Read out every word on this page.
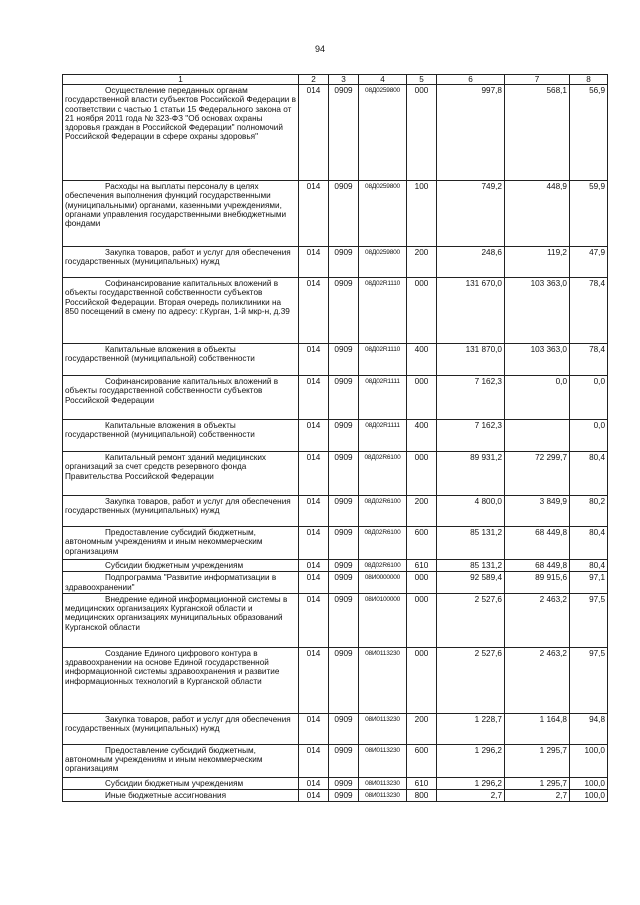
94
1	2	3	4	5	6	7	8
Осуществление переданных органам государственной власти субъектов Российской Федерации в соответствии с частью 1 статьи 15 Федерального закона от 21 ноября 2011 года № 323-ФЗ "Об основах охраны здоровья граждан в Российской Федерации" полномочий Российской Федерации в сфере охраны здоровья"	014	0909	08Д0259800	000	997,8	568,1	56,9
Расходы на выплаты персоналу в целях обеспечения выполнения функций государственными (муниципальными) органами, казенными учреждениями, органами управления государственными внебюджетными фондами	014	0909	08Д0259800	100	749,2	448,9	59,9
Закупка товаров, работ и услуг для обеспечения государственных (муниципальных) нужд	014	0909	08Д0259800	200	248,6	119,2	47,9
Софинансирование капитальных вложений в объекты государственной собственности субъектов Российской Федерации. Вторая очередь поликлиники на 850 посещений в смену по адресу: г.Курган, 1-й мкр-н, д.39	014	0909	08Д02R1110	000	131 670,0	103 363,0	78,4
Капитальные вложения в объекты государственной (муниципальной) собственности	014	0909	08Д02R1110	400	131 870,0	103 363,0	78,4
Софинансирование капитальных вложений в объекты государственной собственности субъектов Российской Федерации	014	0909	08Д02R1111	000	7 162,3	0,0	0,0
Капитальные вложения в объекты государственной (муниципальной) собственности	014	0909	08Д02R1111	400	7 162,3		0,0
Капитальный ремонт зданий медицинских организаций за счет средств резервного фонда Правительства Российской Федерации	014	0909	08Д02R6100	000	89 931,2	72 299,7	80,4
Закупка товаров, работ и услуг для обеспечения государственных (муниципальных) нужд	014	0909	08Д02R6100	200	4 800,0	3 849,9	80,2
Предоставление субсидий бюджетным, автономным учреждениям и иным некоммерческим организациям	014	0909	08Д02R6100	600	85 131,2	68 449,8	80,4
Субсидии бюджетным учреждениям	014	0909	08Д02R6100	610	85 131,2	68 449,8	80,4
Подпрограмма "Развитие информатизации в здравоохранении"	014	0909	08И0000000	000	92 589,4	89 915,6	97,1
Внедрение единой информационной системы в медицинских организациях Курганской области и медицинских организациях муниципальных образований Курганской области	014	0909	08И0100000	000	2 527,6	2 463,2	97,5
Создание Единого цифрового контура в здравоохранении на основе Единой государственной информационной системы здравоохранения и развитие информационных технологий в Курганской области	014	0909	08И0113230	000	2 527,6	2 463,2	97,5
Закупка товаров, работ и услуг для обеспечения государственных (муниципальных) нужд	014	0909	08И0113230	200	1 228,7	1 164,8	94,8
Предоставление субсидий бюджетным, автономным учреждениям и иным некоммерческим организациям	014	0909	08И0113230	600	1 296,2	1 295,7	100,0
Субсидии бюджетным учреждениям	014	0909	08И0113230	610	1 296,2	1 295,7	100,0
Иные бюджетные ассигнования	014	0909	08И0113230	800	2,7	2,7	100,0
